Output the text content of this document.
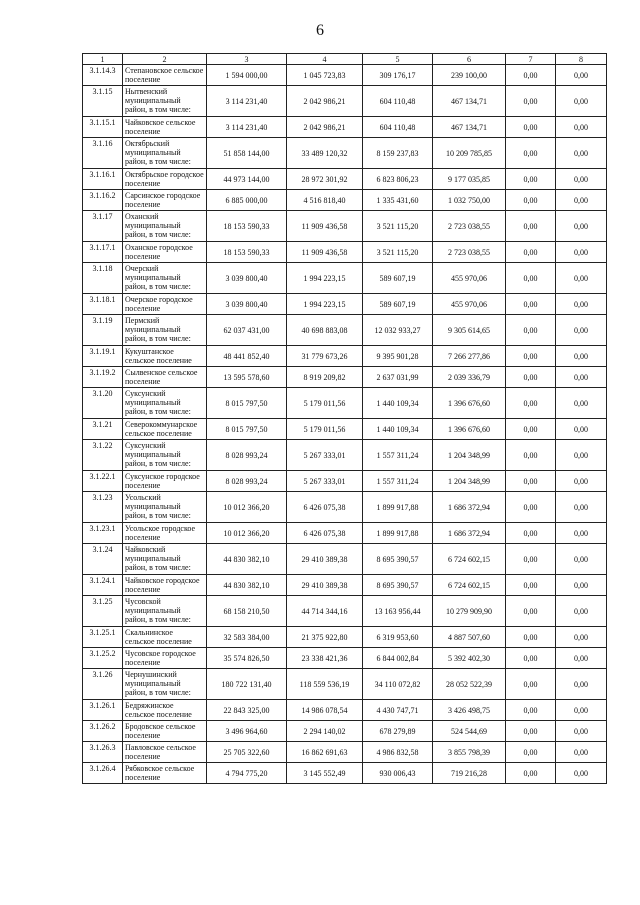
6
1	2	3	4	5	6	7	8
3.1.14.3	Степановское сельское поселение	1 594 000,00	1 045 723,83	309 176,17	239 100,00	0,00	0,00
3.1.15	Нытвенский муниципальный район, в том числе:	3 114 231,40	2 042 986,21	604 110,48	467 134,71	0,00	0,00
3.1.15.1	Чайковское сельское поселение	3 114 231,40	2 042 986,21	604 110,48	467 134,71	0,00	0,00
3.1.16	Октябрьский муниципальный район, в том числе:	51 858 144,00	33 489 120,32	8 159 237,83	10 209 785,85	0,00	0,00
3.1.16.1	Октябрьское городское поселение	44 973 144,00	28 972 301,92	6 823 806,23	9 177 035,85	0,00	0,00
3.1.16.2	Сарсинское городское поселение	6 885 000,00	4 516 818,40	1 335 431,60	1 032 750,00	0,00	0,00
3.1.17	Оханский муниципальный район, в том числе:	18 153 590,33	11 909 436,58	3 521 115,20	2 723 038,55	0,00	0,00
3.1.17.1	Оханское городское поселение	18 153 590,33	11 909 436,58	3 521 115,20	2 723 038,55	0,00	0,00
3.1.18	Очерский муниципальный район, в том числе:	3 039 800,40	1 994 223,15	589 607,19	455 970,06	0,00	0,00
3.1.18.1	Очерское городское поселение	3 039 800,40	1 994 223,15	589 607,19	455 970,06	0,00	0,00
3.1.19	Пермский муниципальный район, в том числе:	62 037 431,00	40 698 883,08	12 032 933,27	9 305 614,65	0,00	0,00
3.1.19.1	Кукуштанское сельское поселение	48 441 852,40	31 779 673,26	9 395 901,28	7 266 277,86	0,00	0,00
3.1.19.2	Сылвенское сельское поселение	13 595 578,60	8 919 209,82	2 637 031,99	2 039 336,79	0,00	0,00
3.1.20	Суксунский муниципальный район, в том числе:	8 015 797,50	5 179 011,56	1 440 109,34	1 396 676,60	0,00	0,00
3.1.21	Северокоммунарское сельское поселение	8 015 797,50	5 179 011,56	1 440 109,34	1 396 676,60	0,00	0,00
3.1.22	Суксунский муниципальный район, в том числе:	8 028 993,24	5 267 333,01	1 557 311,24	1 204 348,99	0,00	0,00
3.1.22.1	Суксунское городское поселение	8 028 993,24	5 267 333,01	1 557 311,24	1 204 348,99	0,00	0,00
3.1.23	Усольский муниципальный район, в том числе:	10 012 366,20	6 426 075,38	1 899 917,88	1 686 372,94	0,00	0,00
3.1.23.1	Усольское городское поселение	10 012 366,20	6 426 075,38	1 899 917,88	1 686 372,94	0,00	0,00
3.1.24	Чайковский муниципальный район, в том числе:	44 830 382,10	29 410 389,38	8 695 390,57	6 724 602,15	0,00	0,00
3.1.24.1	Чайковское городское поселение	44 830 382,10	29 410 389,38	8 695 390,57	6 724 602,15	0,00	0,00
3.1.25	Чусовской муниципальный район, в том числе:	68 158 210,50	44 714 344,16	13 163 956,44	10 279 909,90	0,00	0,00
3.1.25.1	Скальнинское сельское поселение	32 583 384,00	21 375 922,80	6 319 953,60	4 887 507,60	0,00	0,00
3.1.25.2	Чусовское городское поселение	35 574 826,50	23 338 421,36	6 844 002,84	5 392 402,30	0,00	0,00
3.1.26	Чернушинский муниципальный район, в том числе:	180 722 131,40	118 559 536,19	34 110 072,82	28 052 522,39	0,00	0,00
3.1.26.1	Бедряжинское сельское поселение	22 843 325,00	14 986 078,54	4 430 747,71	3 426 498,75	0,00	0,00
3.1.26.2	Бродовское сельское поселение	3 496 964,60	2 294 140,02	678 279,89	524 544,69	0,00	0,00
3.1.26.3	Павловское сельское поселение	25 705 322,60	16 862 691,63	4 986 832,58	3 855 798,39	0,00	0,00
3.1.26.4	Рябковское сельское поселение	4 794 775,20	3 145 552,49	930 006,43	719 216,28	0,00	0,00
